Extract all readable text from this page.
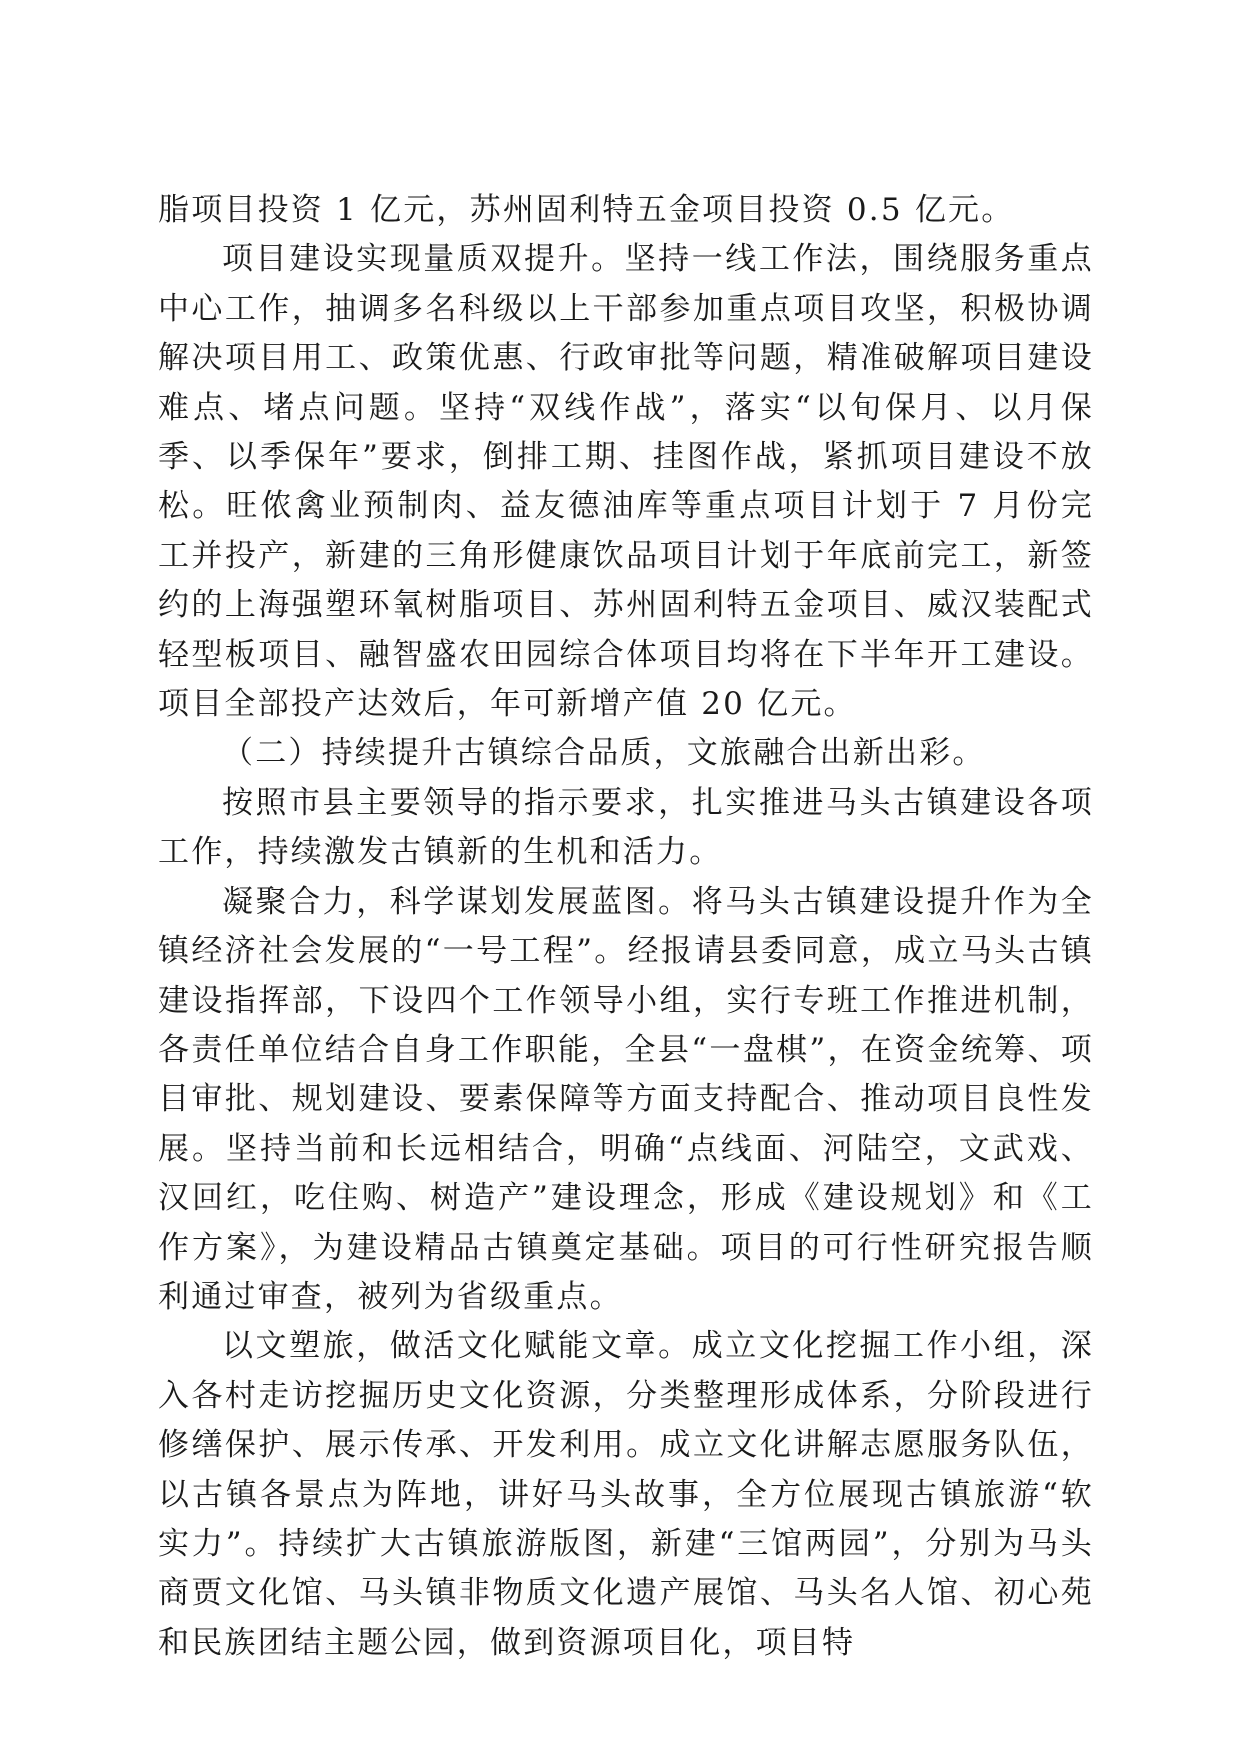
脂项目投资 1 亿元，苏州固利特五金项目投资 0.5 亿元。

项目建设实现量质双提升。坚持一线工作法，围绕服务重点中心工作，抽调多名科级以上干部参加重点项目攻坚，积极协调解决项目用工、政策优惠、行政审批等问题，精准破解项目建设难点、堵点问题。坚持“双线作战”，落实“以旬保月、以月保季、以季保年”要求，倒排工期、挂图作战，紧抓项目建设不放松。旺侬禽业预制肉、益友德油库等重点项目计划于 7 月份完工并投产，新建的三角形健康饮品项目计划于年底前完工，新签约的上海强塑环氧树脂项目、苏州固利特五金项目、威汉装配式轻型板项目、融智盛农田园综合体项目均将在下半年开工建设。项目全部投产达效后，年可新增产值 20 亿元。

（二）持续提升古镇综合品质，文旅融合出新出彩。

按照市县主要领导的指示要求，扎实推进马头古镇建设各项工作，持续激发古镇新的生机和活力。

凝聚合力，科学谋划发展蓝图。将马头古镇建设提升作为全镇经济社会发展的“一号工程”。经报请县委同意，成立马头古镇建设指挥部，下设四个工作领导小组，实行专班工作推进机制，各责任单位结合自身工作职能，全县“一盘棋”，在资金统筹、项目审批、规划建设、要素保障等方面支持配合、推动项目良性发展。坚持当前和长远相结合，明确“点线面、河陆空，文武戏、汉回红，吃住购、树造产”建设理念，形成《建设规划》和《工作方案》，为建设精品古镇奠定基础。项目的可行性研究报告顺利通过审查，被列为省级重点。

以文塑旅，做活文化赋能文章。成立文化挖掘工作小组，深入各村走访挖掘历史文化资源，分类整理形成体系，分阶段进行修缮保护、展示传承、开发利用。成立文化讲解志愿服务队伍，以古镇各景点为阵地，讲好马头故事，全方位展现古镇旅游“软实力”。持续扩大古镇旅游版图，新建“三馆两园”，分别为马头商贾文化馆、马头镇非物质文化遗产展馆、马头名人馆、初心苑和民族团结主题公园，做到资源项目化，项目特
